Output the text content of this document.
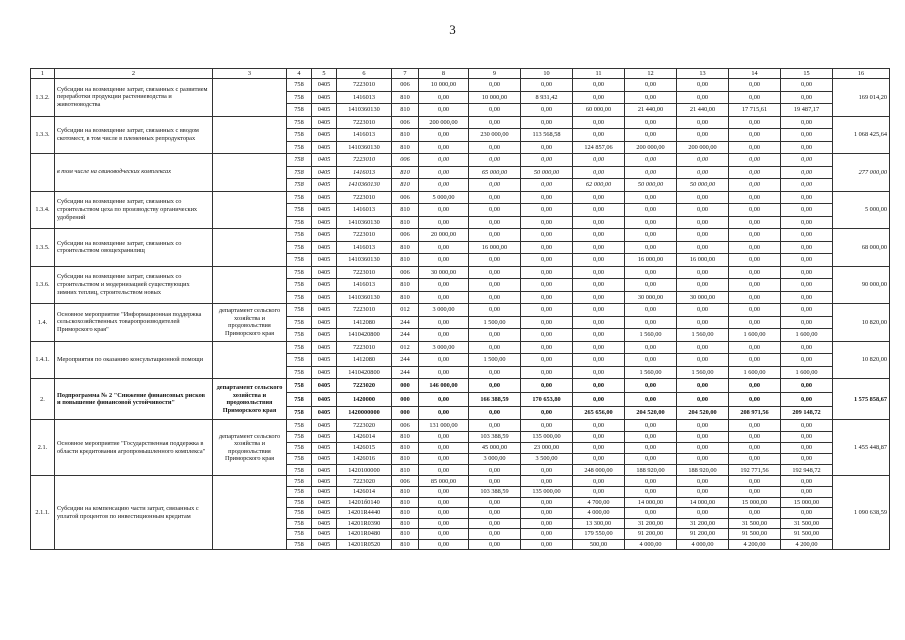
3
1	2	3	4	5	6	7	8	9	10	11	12	13	14	15	16
1.3.2.	Субсидии на возмещение затрат, связанных с развитием переработки продукции растениеводства и животноводства		758	0405	7223010	006	10 000,00	0,00	0,00	0,00	0,00	0,00	0,00	0,00	169 014,20
			758	0405	1416013	810	0,00	10 000,00	8 931,42	0,00	0,00	0,00	0,00	0,00	
			758	0405	1410360130	810	0,00	0,00	0,00	60 000,00	21 440,00	21 440,00	17 715,61	19 487,17	
1.3.3.	Субсидии на возмещение затрат, связанных с вводом скотомест, в том числе в племенных репродукторах		758	0405	7223010	006	200 000,00	0,00	0,00	0,00	0,00	0,00	0,00	0,00	1 068 425,64
			758	0405	1416013	810	0,00	230 000,00	113 568,58	0,00	0,00	0,00	0,00	0,00	
			758	0405	1410360130	810	0,00	0,00	0,00	124 857,06	200 000,00	200 000,00	0,00	0,00	
	в том числе на свиноводческих комплексах		758	0405	7223010	006	0,00	0,00	0,00	0,00	0,00	0,00	0,00	0,00	277 000,00
			758	0405	1416013	810	0,00	65 000,00	50 000,00	0,00	0,00	0,00	0,00	0,00	
			758	0405	1410360130	810	0,00	0,00	0,00	62 000,00	50 000,00	50 000,00	0,00	0,00	
1.3.4.	Субсидии на возмещение затрат, связанных со строительством цеха по производству органических удобрений		758	0405	7223010	006	5 000,00	0,00	0,00	0,00	0,00	0,00	0,00	0,00	5 000,00
			758	0405	1416013	810	0,00	0,00	0,00	0,00	0,00	0,00	0,00	0,00	
			758	0405	1410360130	810	0,00	0,00	0,00	0,00	0,00	0,00	0,00	0,00	
1.3.5.	Субсидии на возмещение затрат, связанных со строительством овощехранилищ		758	0405	7223010	006	20 000,00	0,00	0,00	0,00	0,00	0,00	0,00	0,00	68 000,00
			758	0405	1416013	810	0,00	16 000,00	0,00	0,00	0,00	0,00	0,00	0,00	
			758	0405	1410360130	810	0,00	0,00	0,00	0,00	16 000,00	16 000,00	0,00	0,00	
1.3.6.	Субсидии на возмещение затрат, связанных со строительством и модернизацией существующих зимних теплиц, строительством новых		758	0405	7223010	006	30 000,00	0,00	0,00	0,00	0,00	0,00	0,00	0,00	90 000,00
			758	0405	1416013	810	0,00	0,00	0,00	0,00	0,00	0,00	0,00	0,00	
			758	0405	1410360130	810	0,00	0,00	0,00	0,00	30 000,00	30 000,00	0,00	0,00	
1.4.	Основное мероприятие "Информационная поддержка сельскохозяйственных товаропроизводителей Приморского края"	департамент сельского хозяйства и продовольствия Приморского края	758	0405	7223010	012	3 000,00	0,00	0,00	0,00	0,00	0,00	0,00	0,00	10 820,00
			758	0405	1412080	244	0,00	1 500,00	0,00	0,00	0,00	0,00	0,00	0,00	
			758	0405	1410420800	244	0,00	0,00	0,00	0,00	1 560,00	1 560,00	1 600,00	1 600,00	
1.4.1.	Мероприятия по оказанию консультационной помощи		758	0405	7223010	012	3 000,00	0,00	0,00	0,00	0,00	0,00	0,00	0,00	10 820,00
			758	0405	1412080	244	0,00	1 500,00	0,00	0,00	0,00	0,00	0,00	0,00	
			758	0405	1410420800	244	0,00	0,00	0,00	0,00	1 560,00	1 560,00	1 600,00	1 600,00	
2.	Подпрограмма № 2 "Снижение финансовых рисков и повышение финансовой устойчивости"	департамент сельского хозяйства и продовольствия Приморского края	758	0405	7223020	000	146 000,00	0,00	0,00	0,00	0,00	0,00	0,00	0,00	1 575 858,67
			758	0405	1420000	000	0,00	166 388,59	170 653,80	0,00	0,00	0,00	0,00	0,00	
			758	0405	1420000000	000	0,00	0,00	0,00	265 656,00	204 520,00	204 520,00	208 971,56	209 148,72	
2.1.	Основное мероприятие "Государственная поддержка в области кредитования агропромышленного комплекса"	департамент сельского хозяйства и продовольствия Приморского края	758	0405	7223020	006	131 000,00	0,00	0,00	0,00	0,00	0,00	0,00	0,00	1 455 448,87
			758	0405	1426014	810	0,00	103 388,59	135 000,00	0,00	0,00	0,00	0,00	0,00	
			758	0405	1426015	810	0,00	45 000,00	23 000,00	0,00	0,00	0,00	0,00	0,00	
			758	0405	1426016	810	0,00	3 000,00	3 500,00	0,00	0,00	0,00	0,00	0,00	
			758	0405	1420100000	810	0,00	0,00	0,00	248 000,00	188 920,00	188 920,00	192 771,56	192 948,72	
2.1.1.	Субсидии на компенсацию части затрат, связанных с уплатой процентов по инвестиционным кредитам		758	0405	7223020	006	85 000,00	0,00	0,00	0,00	0,00	0,00	0,00	0,00	1 090 638,59
			758	0405	1426014	810	0,00	103 388,59	135 000,00	0,00	0,00	0,00	0,00	0,00	
			758	0405	14201б0140	810	0,00	0,00	0,00	4 700,00	14 000,00	14 000,00	15 000,00	15 000,00	
			758	0405	14201R4440	810	0,00	0,00	0,00	4 000,00	0,00	0,00	0,00	0,00	
			758	0405	14201R0390	810	0,00	0,00	0,00	13 300,00	31 200,00	31 200,00	31 500,00	31 500,00	
			758	0405	14201R0480	810	0,00	0,00	0,00	179 550,00	91 200,00	91 200,00	91 500,00	91 500,00	
			758	0405	14201R0520	810	0,00	0,00	0,00	500,00	4 000,00	4 000,00	4 200,00	4 200,00	
